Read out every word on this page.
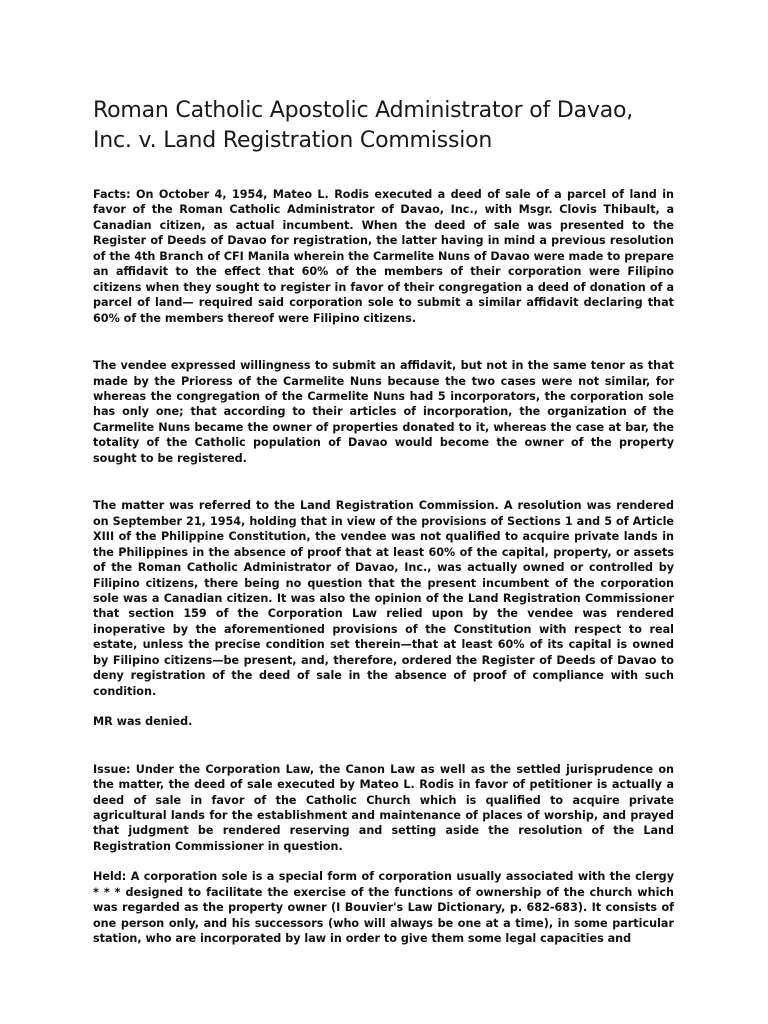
Roman Catholic Apostolic Administrator of Davao, Inc. v. Land Registration Commission

Facts: On October 4, 1954, Mateo L. Rodis executed a deed of sale of a parcel of land in favor of the Roman Catholic Administrator of Davao, Inc., with Msgr. Clovis Thibault, a Canadian citizen, as actual incumbent. When the deed of sale was presented to the Register of Deeds of Davao for registration, the latter having in mind a previous resolution of the 4th Branch of CFI Manila wherein the Carmelite Nuns of Davao were made to prepare an affidavit to the effect that 60% of the members of their corporation were Filipino citizens when they sought to register in favor of their congregation a deed of donation of a parcel of land— required said corporation sole to submit a similar affidavit declaring that 60% of the members thereof were Filipino citizens.

The vendee expressed willingness to submit an affidavit, but not in the same tenor as that made by the Prioress of the Carmelite Nuns because the two cases were not similar, for whereas the congregation of the Carmelite Nuns had 5 incorporators, the corporation sole has only one; that according to their articles of incorporation, the organization of the Carmelite Nuns became the owner of properties donated to it, whereas the case at bar, the totality of the Catholic population of Davao would become the owner of the property sought to be registered.

The matter was referred to the Land Registration Commission. A resolution was rendered on September 21, 1954, holding that in view of the provisions of Sections 1 and 5 of Article XIII of the Philippine Constitution, the vendee was not qualified to acquire private lands in the Philippines in the absence of proof that at least 60% of the capital, property, or assets of the Roman Catholic Administrator of Davao, Inc., was actually owned or controlled by Filipino citizens, there being no question that the present incumbent of the corporation sole was a Canadian citizen. It was also the opinion of the Land Registration Commissioner that section 159 of the Corporation Law relied upon by the vendee was rendered inoperative by the aforementioned provisions of the Constitution with respect to real estate, unless the precise condition set therein—that at least 60% of its capital is owned by Filipino citizens—be present, and, therefore, ordered the Register of Deeds of Davao to deny registration of the deed of sale in the absence of proof of compliance with such condition.

MR was denied.

Issue: Under the Corporation Law, the Canon Law as well as the settled jurisprudence on the matter, the deed of sale executed by Mateo L. Rodis in favor of petitioner is actually a deed of sale in favor of the Catholic Church which is qualified to acquire private agricultural lands for the establishment and maintenance of places of worship, and prayed that judgment be rendered reserving and setting aside the resolution of the Land Registration Commissioner in question.

Held: A corporation sole is a special form of corporation usually associated with the clergy * * * designed to facilitate the exercise of the functions of ownership of the church which was regarded as the property owner (I Bouvier's Law Dictionary, p. 682-683). It consists of one person only, and his successors (who will always be one at a time), in some particular station, who are incorporated by law in order to give them some legal capacities and
